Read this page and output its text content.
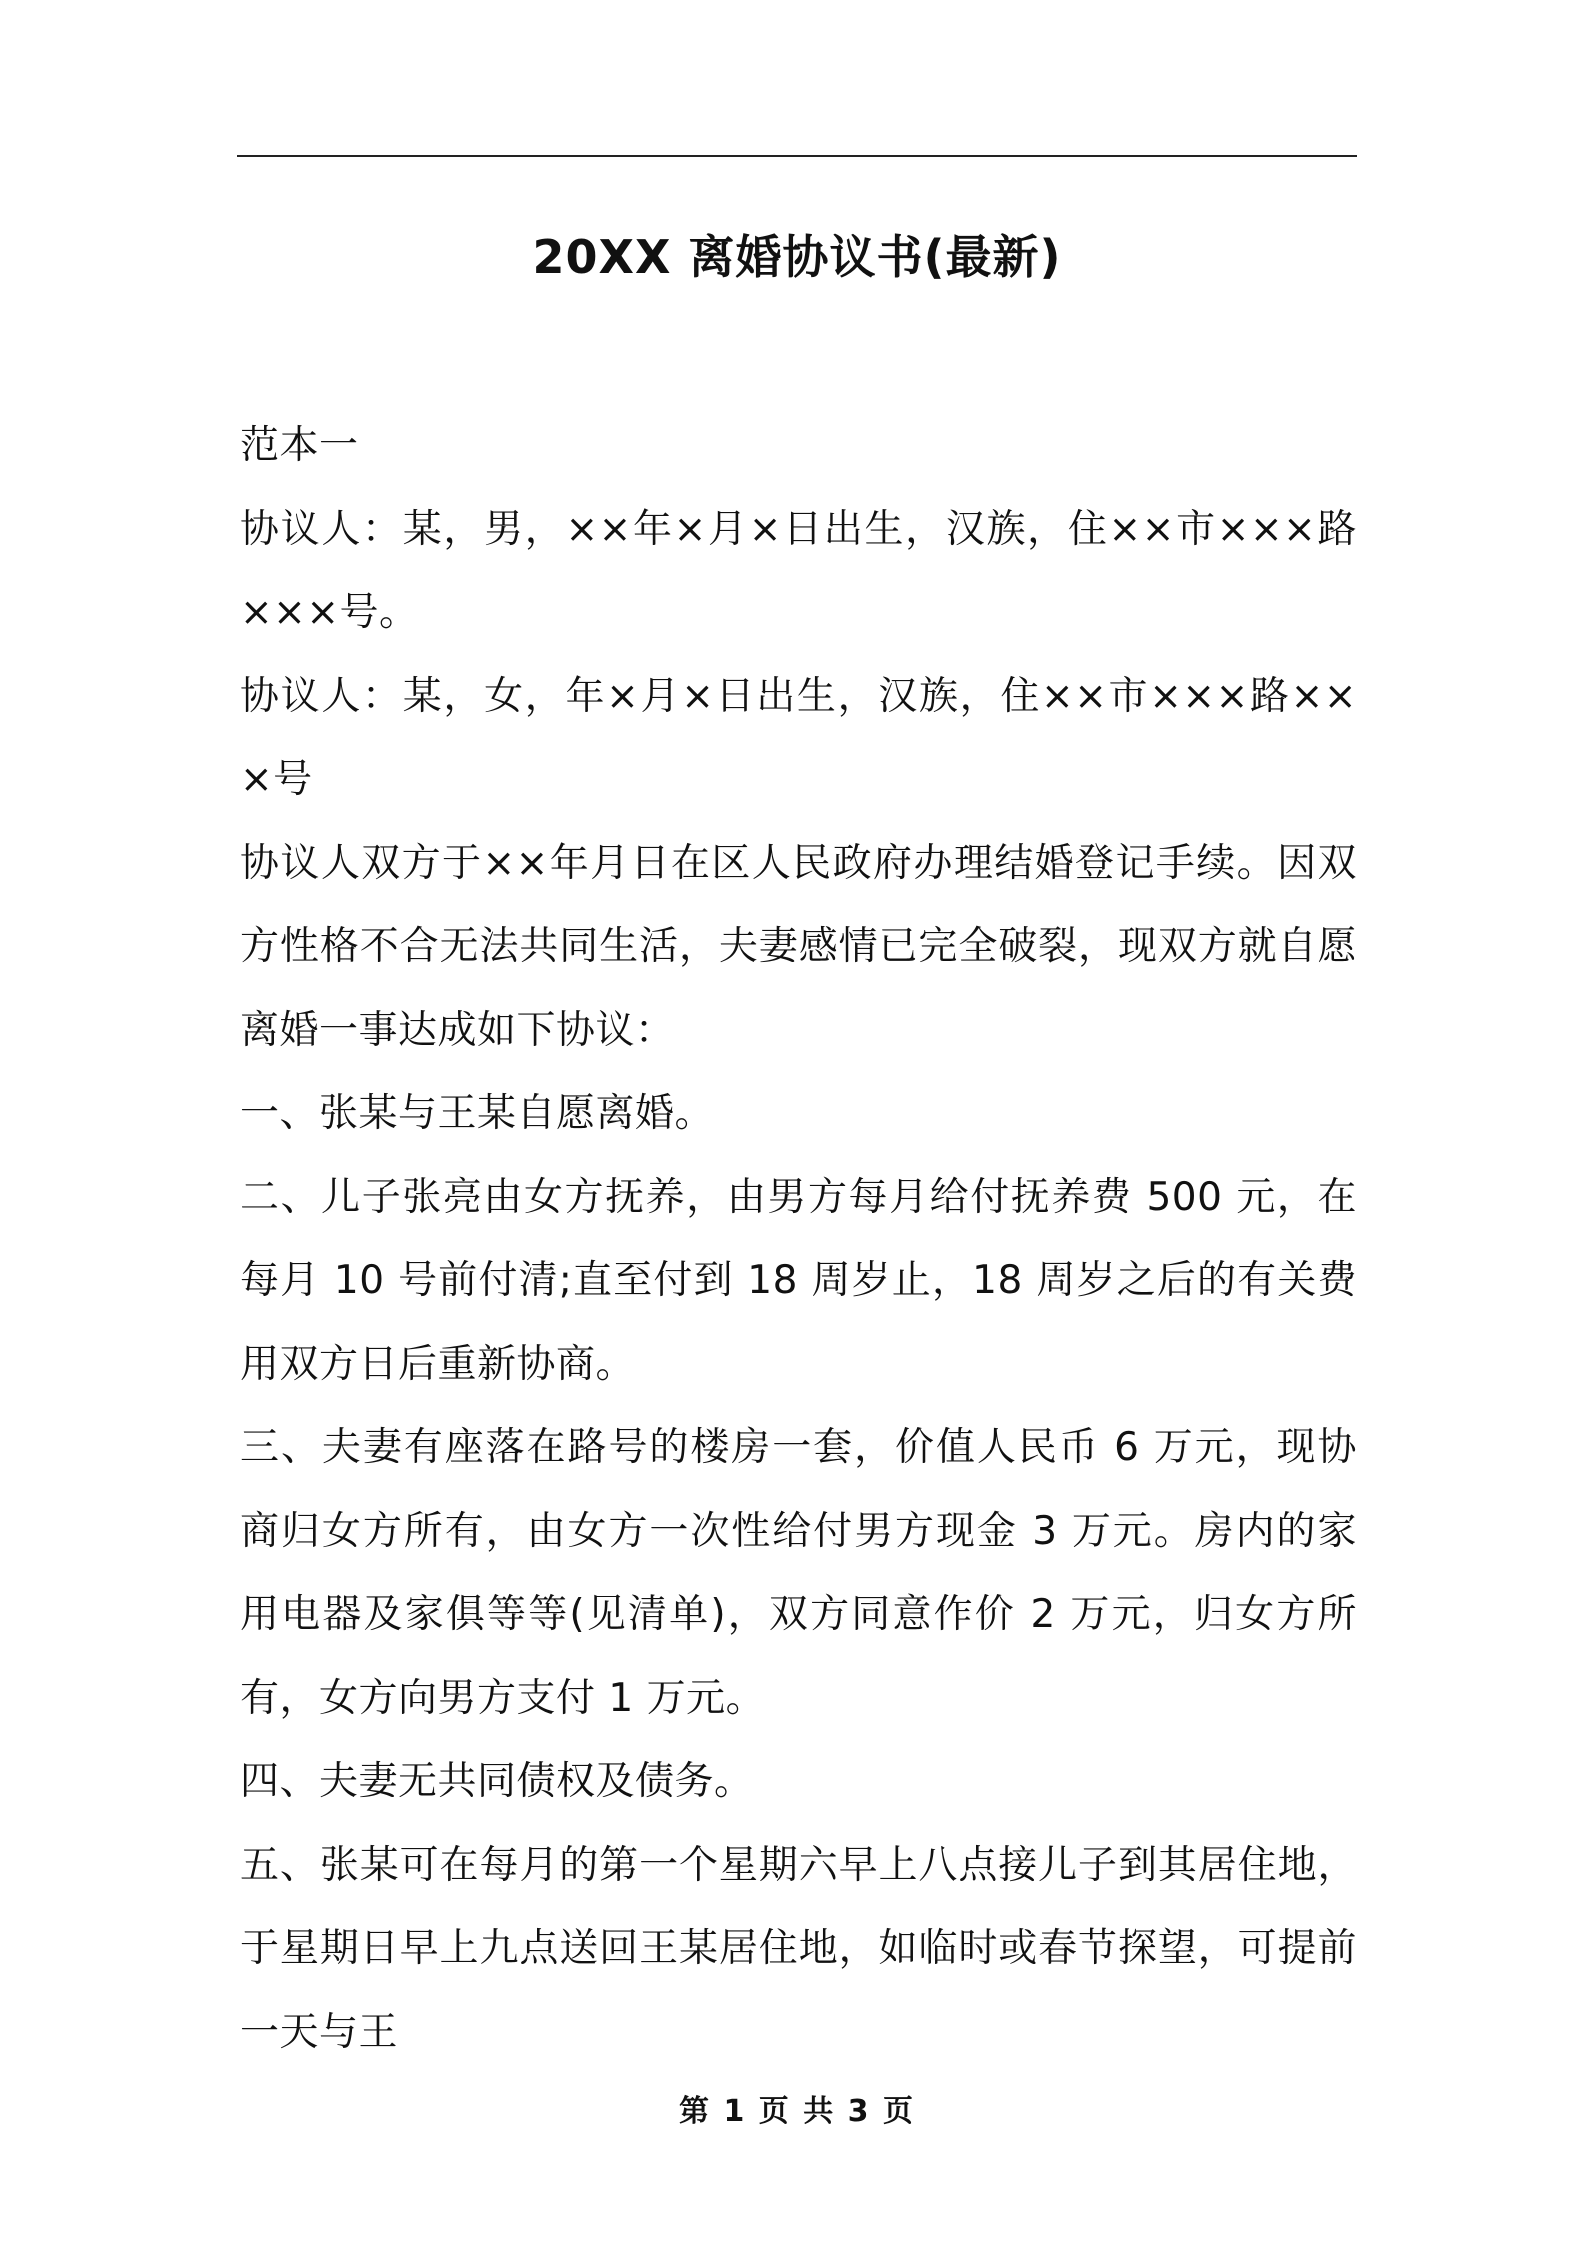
20XX 离婚协议书(最新)

范本一

协议人：某，男，××年×月×日出生，汉族，住××市×××路×××号。

协议人：某，女，年×月×日出生，汉族，住××市×××路×××号

协议人双方于××年月日在区人民政府办理结婚登记手续。因双方性格不合无法共同生活，夫妻感情已完全破裂，现双方就自愿离婚一事达成如下协议：

一、张某与王某自愿离婚。

二、儿子张亮由女方抚养，由男方每月给付抚养费 500 元，在每月 10 号前付清;直至付到 18 周岁止，18 周岁之后的有关费用双方日后重新协商。

三、夫妻有座落在路号的楼房一套，价值人民币 6 万元，现协商归女方所有，由女方一次性给付男方现金 3 万元。房内的家用电器及家俱等等(见清单)，双方同意作价 2 万元，归女方所有，女方向男方支付 1 万元。

四、夫妻无共同债权及债务。

五、张某可在每月的第一个星期六早上八点接儿子到其居住地，于星期日早上九点送回王某居住地，如临时或春节探望，可提前一天与王

第 1 页 共 3 页
